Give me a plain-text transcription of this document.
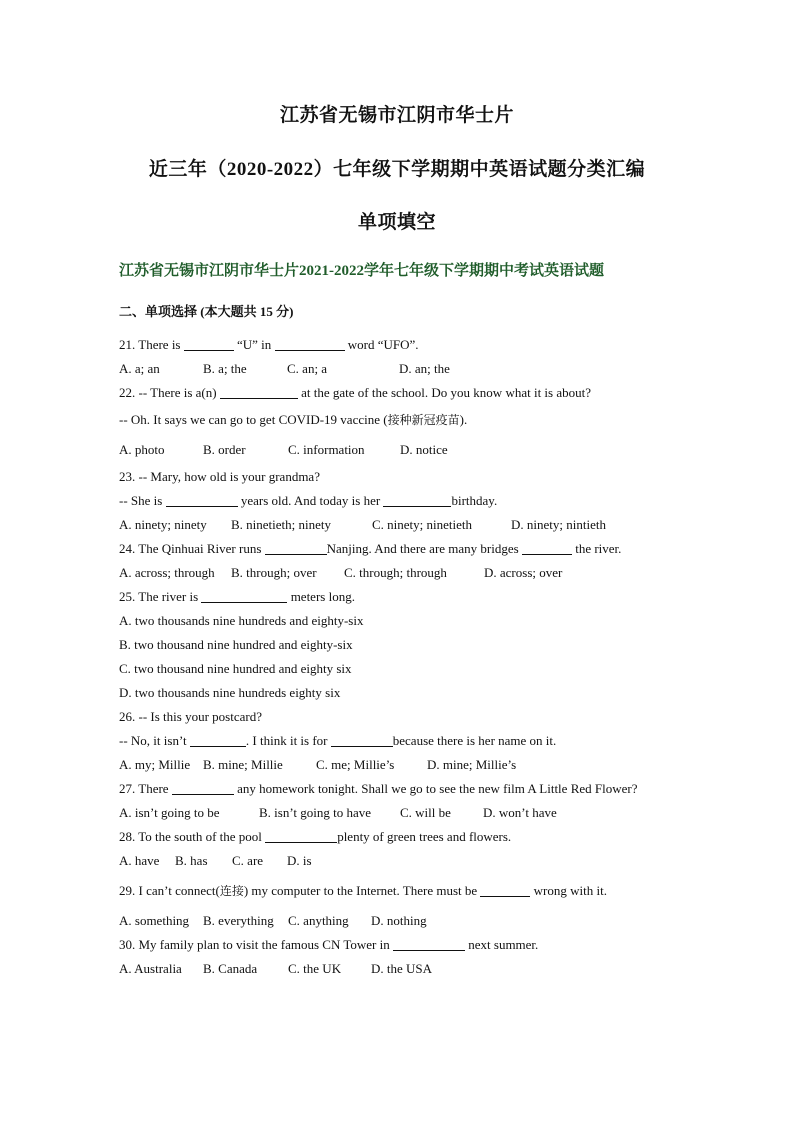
江苏省无锡市江阴市华士片
近三年（2020-2022）七年级下学期期中英语试题分类汇编
单项填空
江苏省无锡市江阴市华士片2021-2022学年七年级下学期期中考试英语试题
二、单项选择 (本大题共 15 分)
21. There is	“U” in	word “UFO”.
A. a; an	B. a; the	C. an; a	D. an; the
22. -- There is a(n)	at the gate of the school. Do you know what it is about?
-- Oh. It says we can go to get COVID-19 vaccine (接种新冠疫苗).
A. photo	B. order	C. information	D. notice
23. -- Mary, how old is your grandma?
-- She is	years old. And today is her	birthday.
A. ninety; ninety B. ninetieth; ninety	C. ninety; ninetieth	D. ninety; nintieth
24. The Qinhuai River runs	Nanjing. And there are many bridges	the river.
A. across; through B. through; over C. through; through	D. across; over
25. The river is	meters long.
A. two thousands nine hundreds and eighty-six
B. two thousand nine hundred and eighty-six
C. two thousand nine hundred and eighty six
D. two thousands nine hundreds eighty six
26. -- Is this your postcard?
-- No, it isn’t	. I think it is for	because there is her name on it.
A. my; Millie B. mine; Millie	C. me; Millie’s	D. mine; Millie’s
27. There	any homework tonight. Shall we go to see the new film A Little Red Flower?
A. isn’t going to be	B. isn’t going to have C. will be D. won’t have
28. To the south of the pool	plenty of green trees and flowers.
A. have B. has C. are D. is
29. I can’t connect(连接) my computer to the Internet. There must be	wrong with it.
A. something B. everything C. anything D. nothing
30. My family plan to visit the famous CN Tower in	next summer.
A. Australia B. Canada C. the UK D. the USA
